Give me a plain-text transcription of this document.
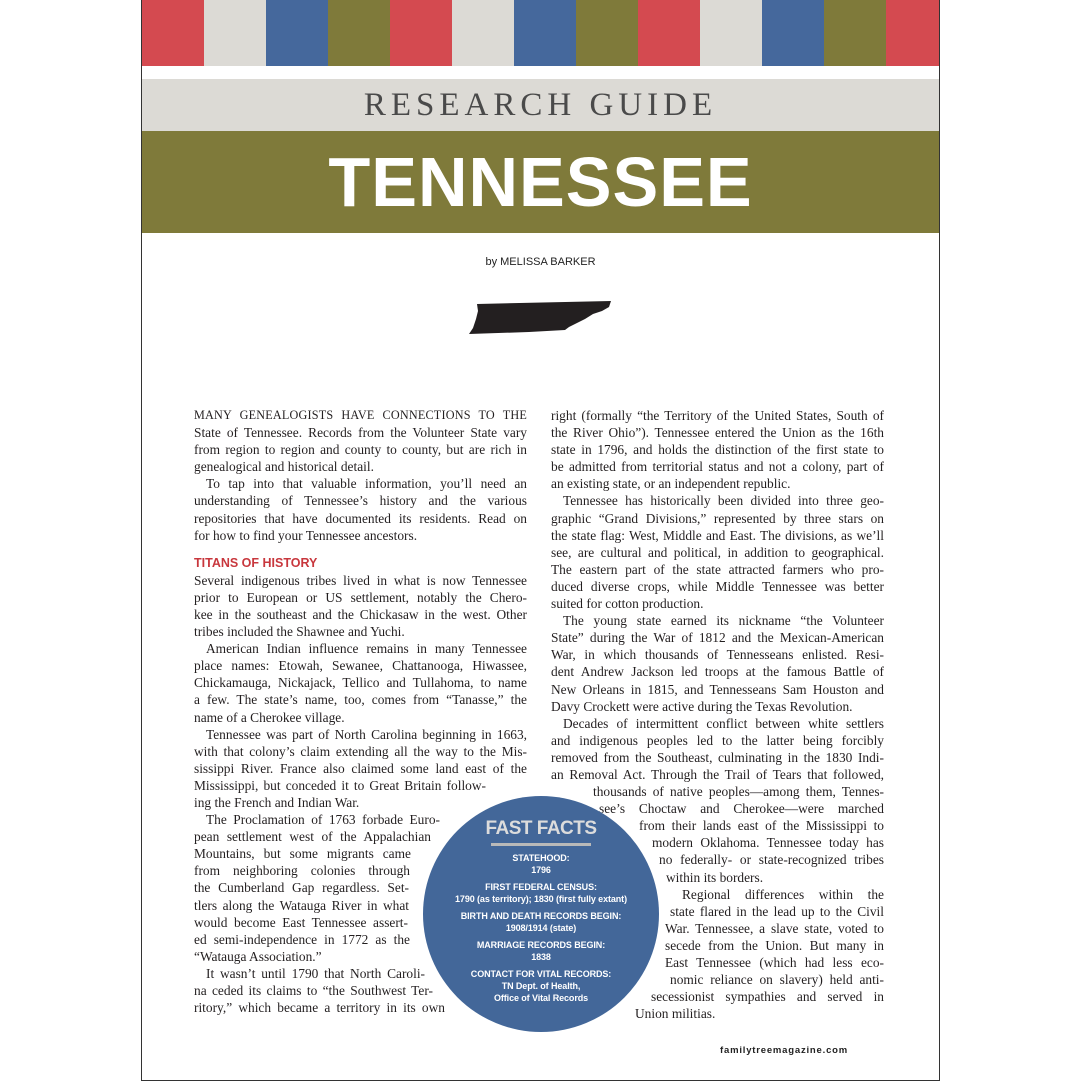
RESEARCH GUIDE
TENNESSEE
by MELISSA BARKER
MANY GENEALOGISTS HAVE CONNECTIONS TO THE
State of Tennessee. Records from the Volunteer State vary
from region to region and county to county, but are rich in
genealogical and historical detail.
To tap into that valuable information, you’ll need an
understanding of Tennessee’s history and the various
repositories that have documented its residents. Read on
for how to find your Tennessee ancestors.
TITANS OF HISTORY
Several indigenous tribes lived in what is now Tennessee
prior to European or US settlement, notably the Chero-
kee in the southeast and the Chickasaw in the west. Other
tribes included the Shawnee and Yuchi.
American Indian influence remains in many Tennessee
place names: Etowah, Sewanee, Chattanooga, Hiwassee,
Chickamauga, Nickajack, Tellico and Tullahoma, to name
a few. The state’s name, too, comes from “Tanasse,” the
name of a Cherokee village.
Tennessee was part of North Carolina beginning in 1663,
with that colony’s claim extending all the way to the Mis-
sissippi River. France also claimed some land east of the
Mississippi, but conceded it to Great Britain follow-
ing the French and Indian War.
The Proclamation of 1763 forbade Euro-
pean settlement west of the Appalachian
Mountains, but some migrants came
from neighboring colonies through
the Cumberland Gap regardless. Set-
tlers along the Watauga River in what
would become East Tennessee assert-
ed semi-independence in 1772 as the
“Watauga Association.”
It wasn’t until 1790 that North Caroli-
na ceded its claims to “the Southwest Ter-
ritory,” which became a territory in its own
right (formally “the Territory of the United States, South of
the River Ohio”). Tennessee entered the Union as the 16th
state in 1796, and holds the distinction of the first state to
be admitted from territorial status and not a colony, part of
an existing state, or an independent republic.
Tennessee has historically been divided into three geo-
graphic “Grand Divisions,” represented by three stars on
the state flag: West, Middle and East. The divisions, as we’ll
see, are cultural and political, in addition to geographical.
The eastern part of the state attracted farmers who pro-
duced diverse crops, while Middle Tennessee was better
suited for cotton production.
The young state earned its nickname “the Volunteer
State” during the War of 1812 and the Mexican-American
War, in which thousands of Tennesseans enlisted. Resi-
dent Andrew Jackson led troops at the famous Battle of
New Orleans in 1815, and Tennesseans Sam Houston and
Davy Crockett were active during the Texas Revolution.
Decades of intermittent conflict between white settlers
and indigenous peoples led to the latter being forcibly
removed from the Southeast, culminating in the 1830 Indi-
an Removal Act. Through the Trail of Tears that followed,
thousands of native peoples—among them, Tennes-
see’s Choctaw and Cherokee—were marched
from their lands east of the Mississippi to
modern Oklahoma. Tennessee today has
no federally- or state-recognized tribes
within its borders.
Regional differences within the
state flared in the lead up to the Civil
War. Tennessee, a slave state, voted to
secede from the Union. But many in
East Tennessee (which had less eco-
nomic reliance on slavery) held anti-
secessionist sympathies and served in
Union militias.
FAST FACTS
STATEHOOD:
1796
FIRST FEDERAL CENSUS:
1790 (as territory); 1830 (first fully extant)
BIRTH AND DEATH RECORDS BEGIN:
1908/1914 (state)
MARRIAGE RECORDS BEGIN:
1838
CONTACT FOR VITAL RECORDS:
TN Dept. of Health,
Office of Vital Records
familytreemagazine.com
